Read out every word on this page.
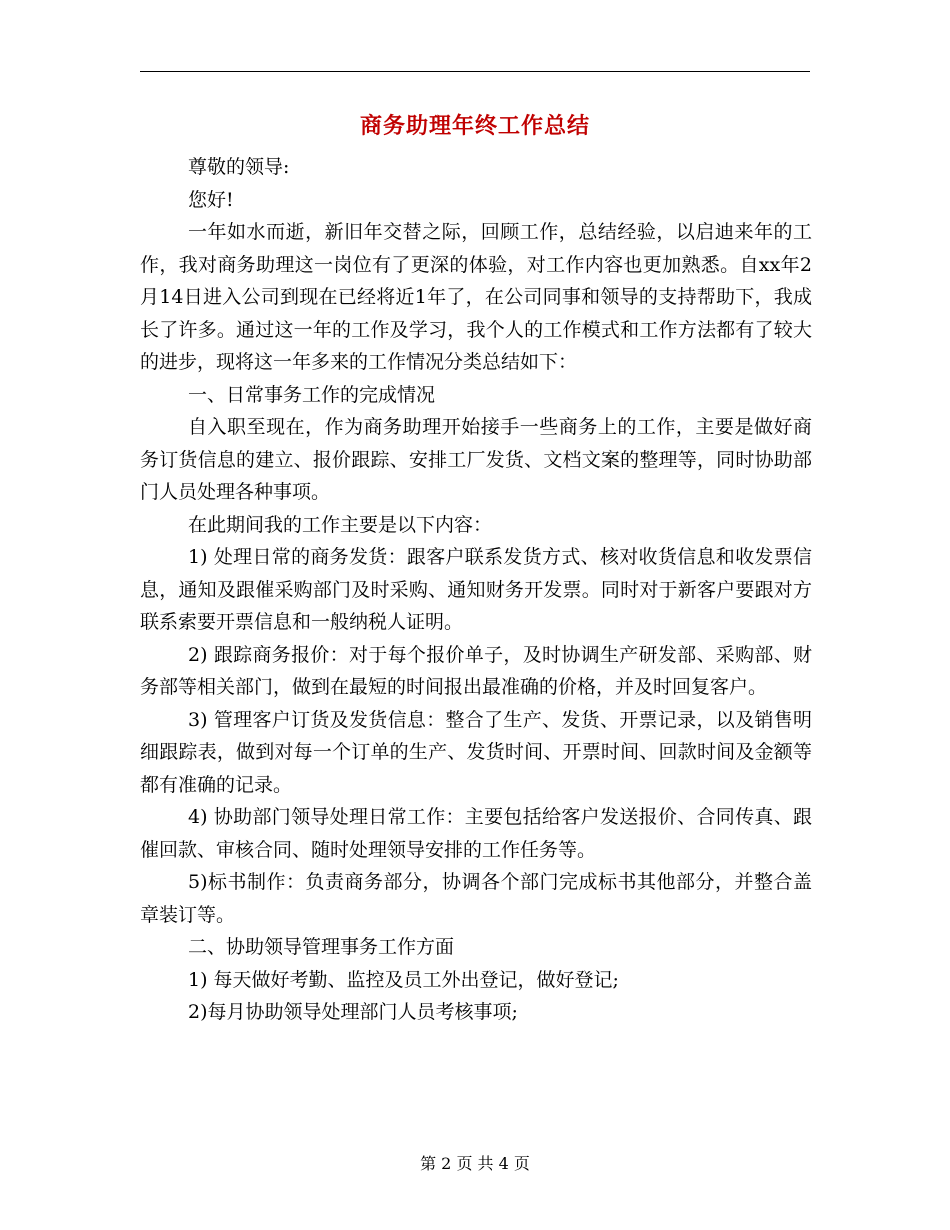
商务助理年终工作总结

尊敬的领导:

您好!

一年如水而逝，新旧年交替之际，回顾工作，总结经验，以启迪来年的工作，我对商务助理这一岗位有了更深的体验，对工作内容也更加熟悉。自xx年2月14日进入公司到现在已经将近1年了，在公司同事和领导的支持帮助下，我成长了许多。通过这一年的工作及学习，我个人的工作模式和工作方法都有了较大的进步，现将这一年多来的工作情况分类总结如下：

一、日常事务工作的完成情况

自入职至现在，作为商务助理开始接手一些商务上的工作，主要是做好商务订货信息的建立、报价跟踪、安排工厂发货、文档文案的整理等，同时协助部门人员处理各种事项。

在此期间我的工作主要是以下内容：

1) 处理日常的商务发货：跟客户联系发货方式、核对收货信息和收发票信息，通知及跟催采购部门及时采购、通知财务开发票。同时对于新客户要跟对方联系索要开票信息和一般纳税人证明。

2) 跟踪商务报价：对于每个报价单子，及时协调生产研发部、采购部、财务部等相关部门，做到在最短的时间报出最准确的价格，并及时回复客户。

3) 管理客户订货及发货信息：整合了生产、发货、开票记录，以及销售明细跟踪表，做到对每一个订单的生产、发货时间、开票时间、回款时间及金额等都有准确的记录。

4) 协助部门领导处理日常工作：主要包括给客户发送报价、合同传真、跟催回款、审核合同、随时处理领导安排的工作任务等。

5)标书制作：负责商务部分，协调各个部门完成标书其他部分，并整合盖章装订等。

二、协助领导管理事务工作方面

1) 每天做好考勤、监控及员工外出登记，做好登记;

2)每月协助领导处理部门人员考核事项;

第 2 页 共 4 页
